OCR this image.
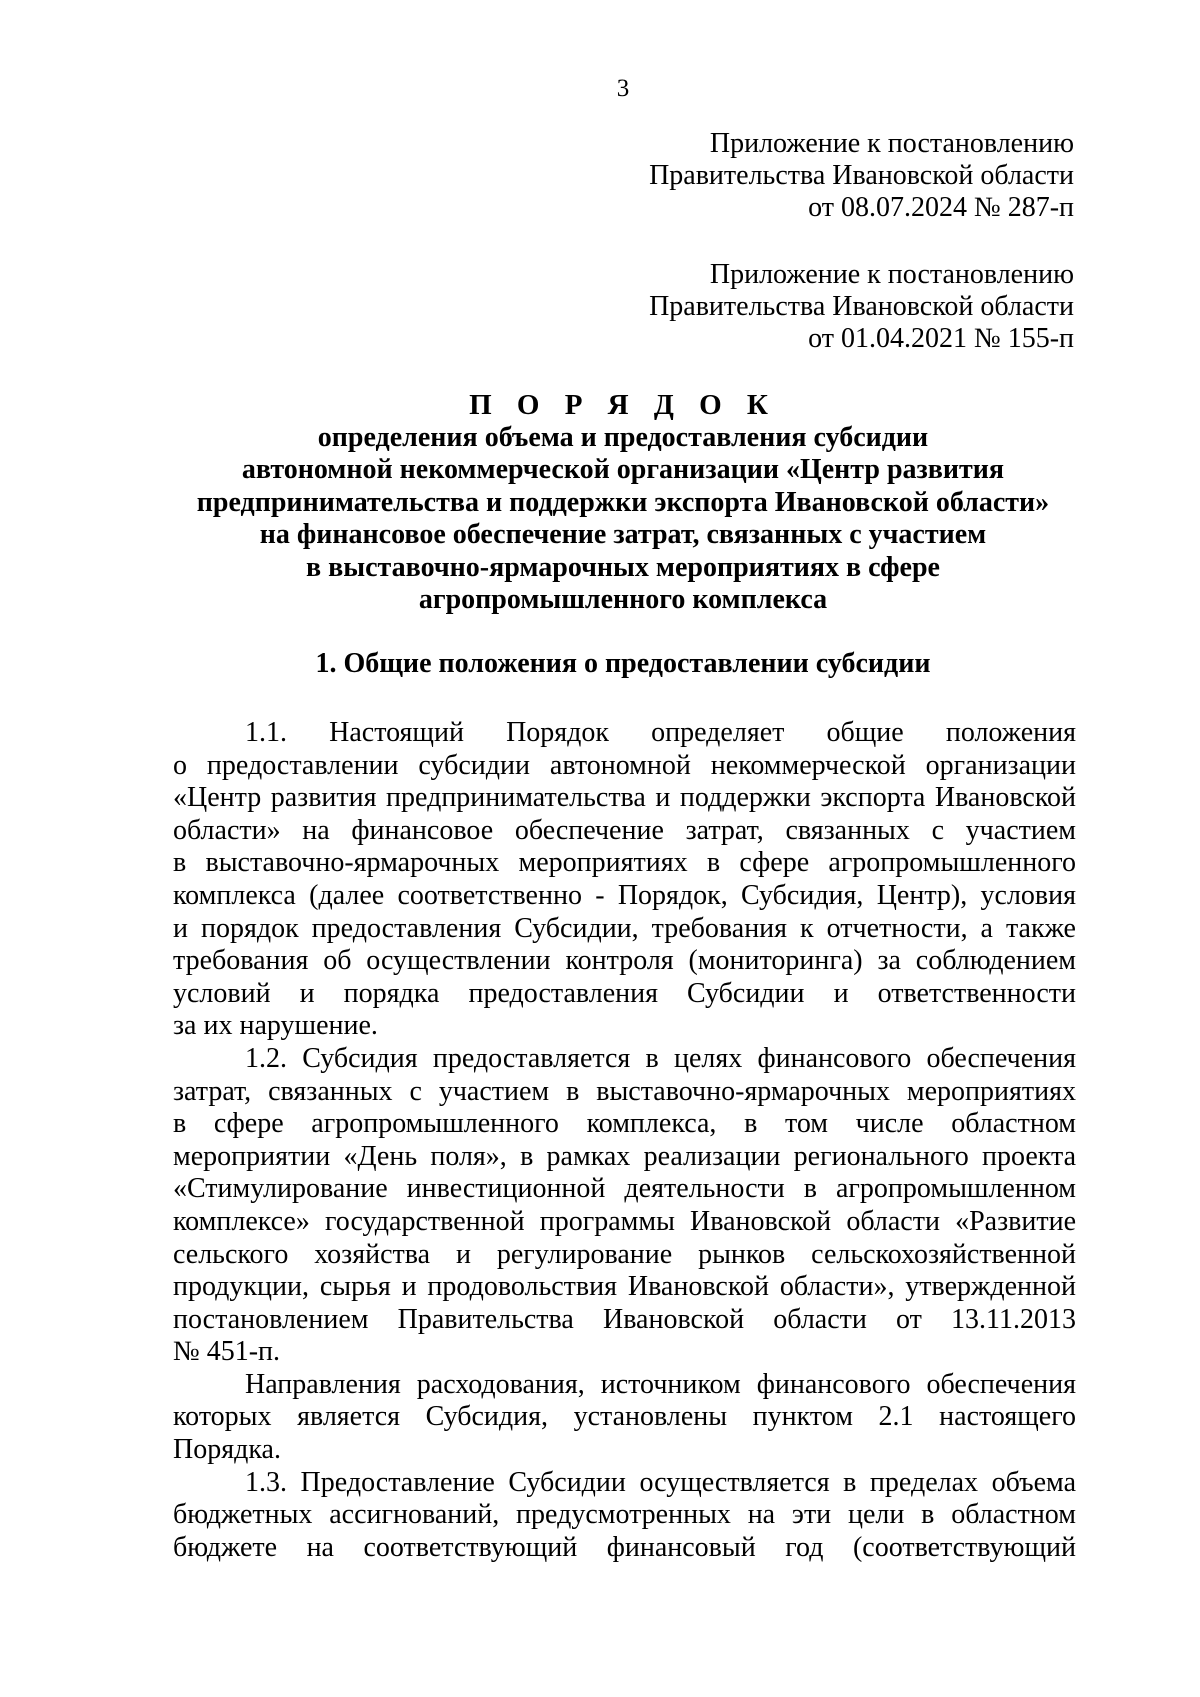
3
Приложение к постановлению
Правительства Ивановской области
от 08.07.2024 № 287-п
Приложение к постановлению
Правительства Ивановской области
от 01.04.2021 № 155-п
П О Р Я Д О К
определения объема и предоставления субсидии
автономной некоммерческой организации «Центр развития
предпринимательства и поддержки экспорта Ивановской области»
на финансовое обеспечение затрат, связанных с участием
в выставочно-ярмарочных мероприятиях в сфере
агропромышленного комплекса
1. Общие положения о предоставлении субсидии
1.1. Настоящий Порядок определяет общие положения
о предоставлении субсидии автономной некоммерческой организации
«Центр развития предпринимательства и поддержки экспорта Ивановской
области» на финансовое обеспечение затрат, связанных с участием
в выставочно-ярмарочных мероприятиях в сфере агропромышленного
комплекса (далее соответственно - Порядок, Субсидия, Центр), условия
и порядок предоставления Субсидии, требования к отчетности, а также
требования об осуществлении контроля (мониторинга) за соблюдением
условий и порядка предоставления Субсидии и ответственности
за их нарушение.
1.2. Субсидия предоставляется в целях финансового обеспечения
затрат, связанных с участием в выставочно-ярмарочных мероприятиях
в сфере агропромышленного комплекса, в том числе областном
мероприятии «День поля», в рамках реализации регионального проекта
«Стимулирование инвестиционной деятельности в агропромышленном
комплексе» государственной программы Ивановской области «Развитие
сельского хозяйства и регулирование рынков сельскохозяйственной
продукции, сырья и продовольствия Ивановской области», утвержденной
постановлением Правительства Ивановской области от 13.11.2013
№ 451-п.
Направления расходования, источником финансового обеспечения
которых является Субсидия, установлены пунктом 2.1 настоящего
Порядка.
1.3. Предоставление Субсидии осуществляется в пределах объема
бюджетных ассигнований, предусмотренных на эти цели в областном
бюджете на соответствующий финансовый год (соответствующий
